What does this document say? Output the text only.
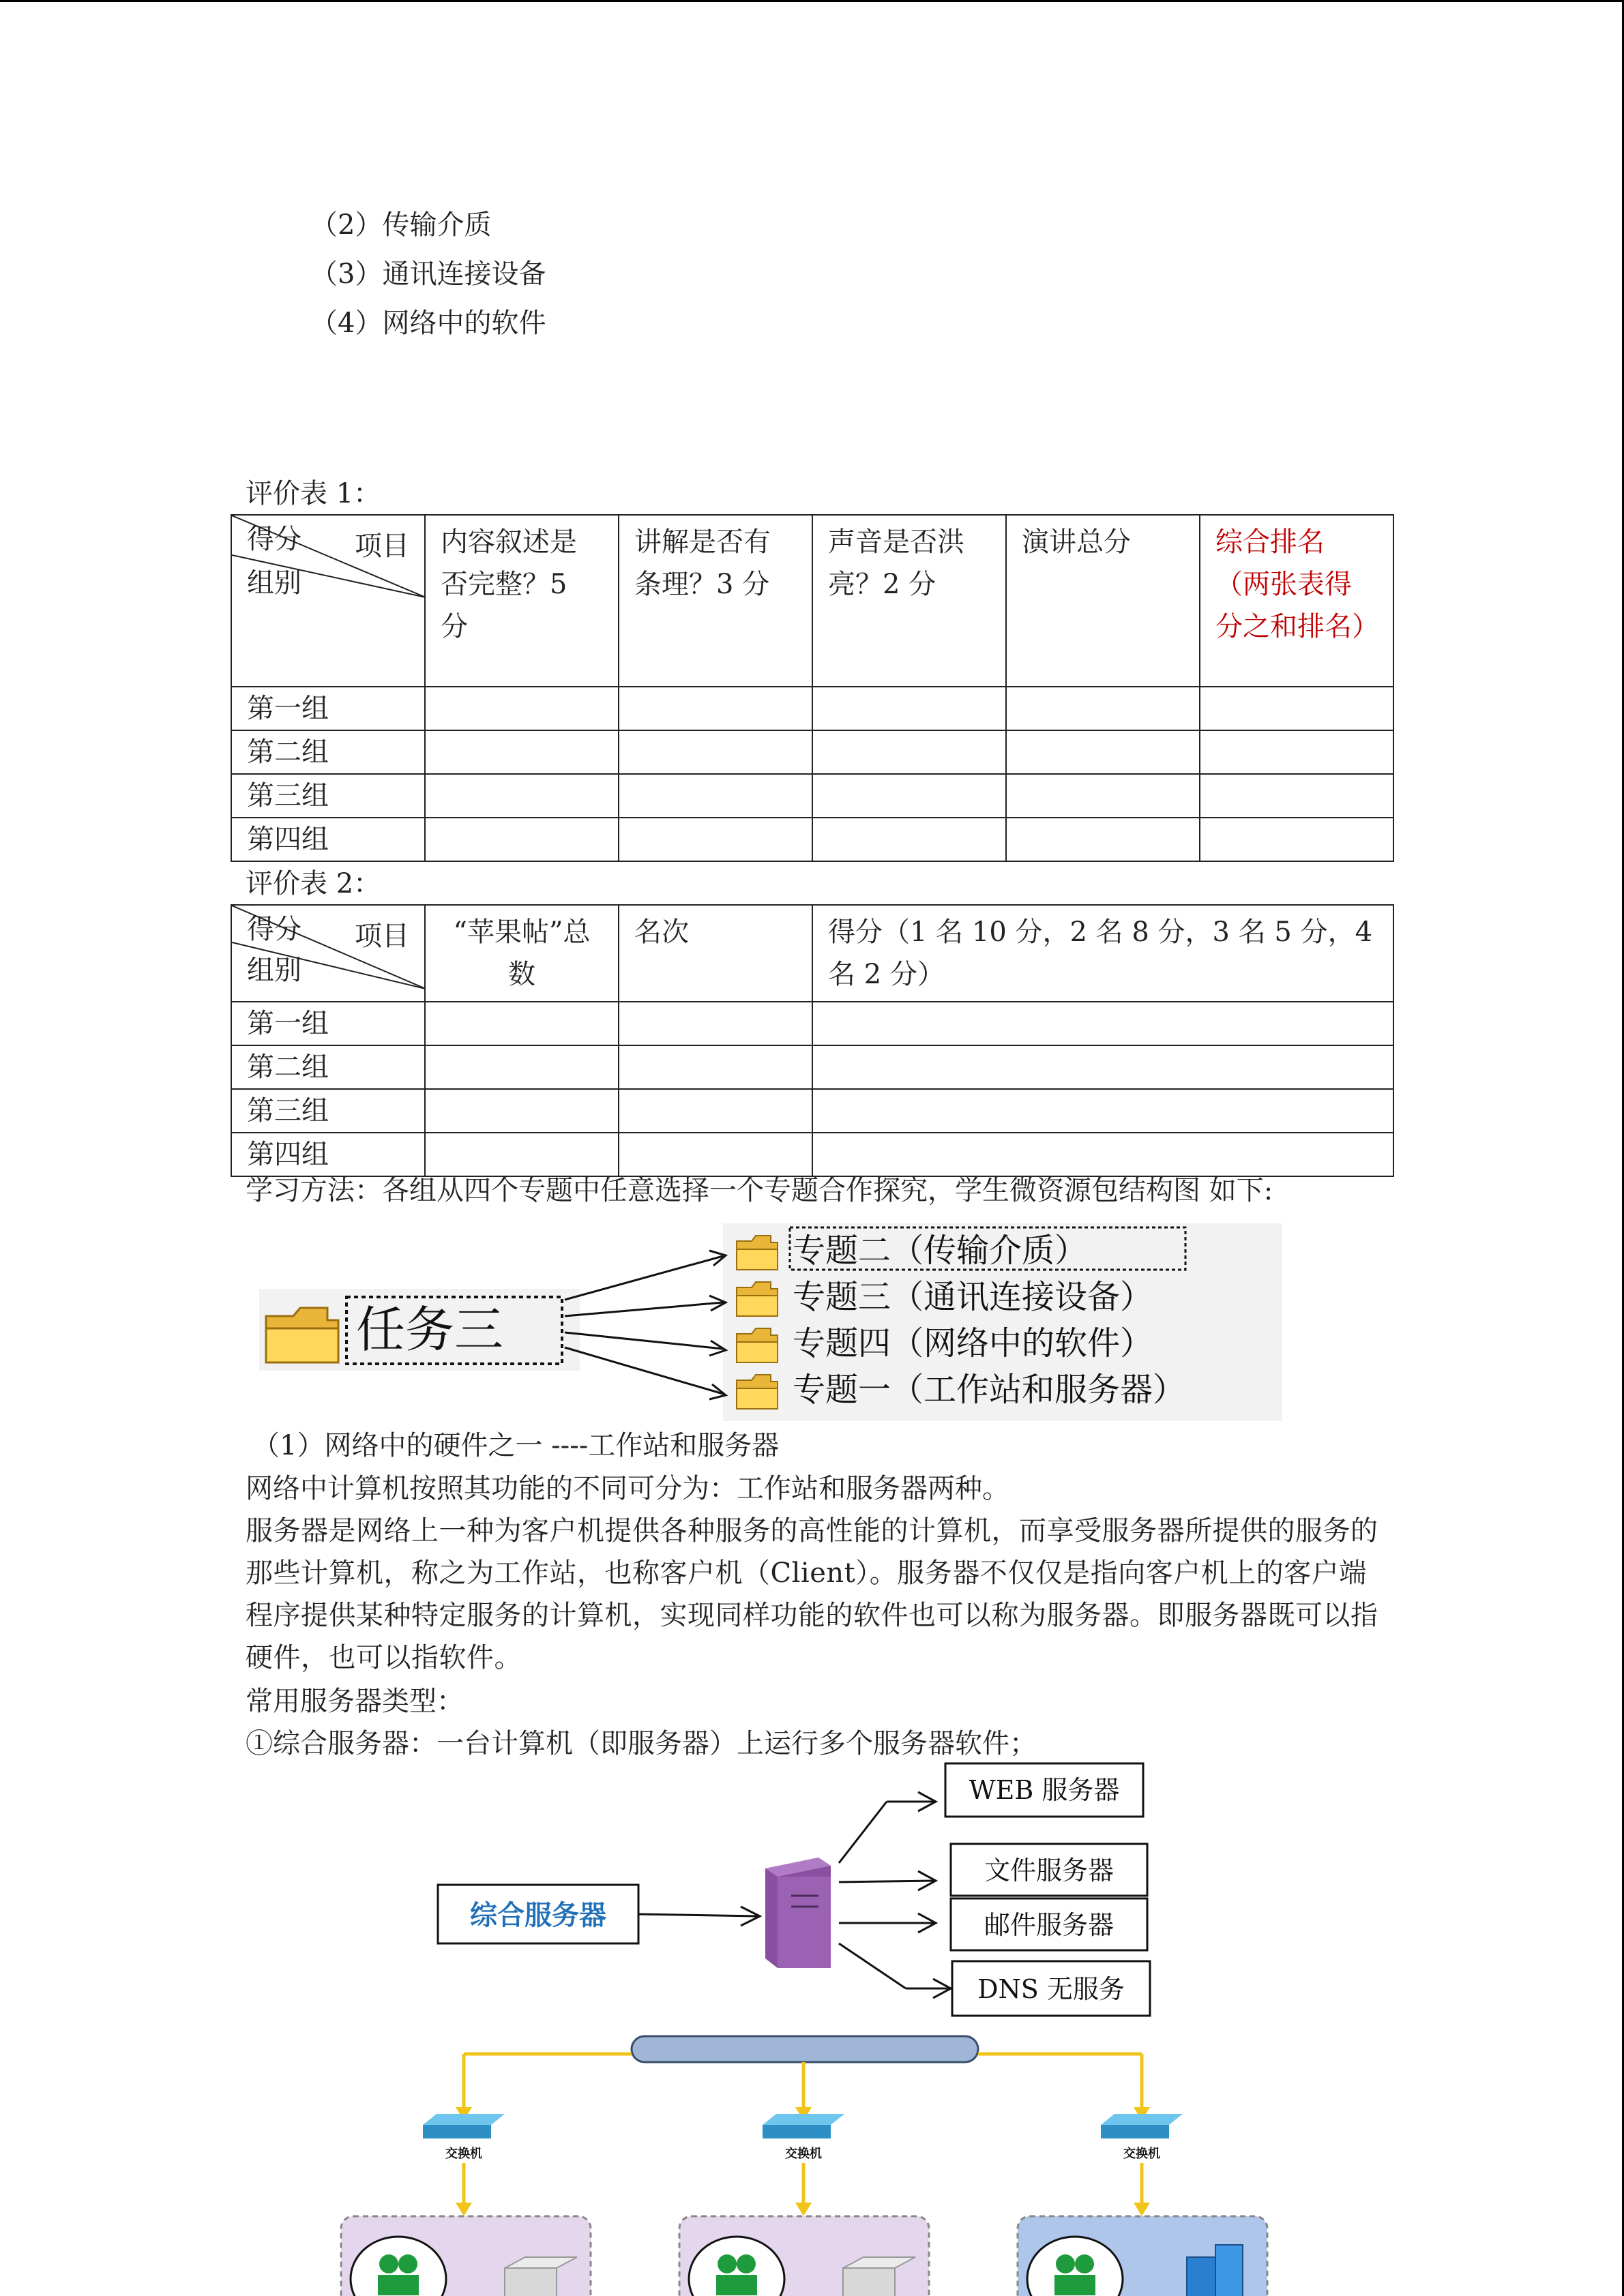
（2）传输介质
（3）通讯连接设备
（4）网络中的软件
评价表 1：
得分 项目
组别	内容叙述是否完整？5 分	讲解是否有条理？3 分	声音是否洪亮？2 分	演讲总分	综合排名（两张表得分之和排名）
第一组					
第二组					
第三组					
第四组					
评价表 2：
得分 项目
组别	“苹果帖”总数	名次	得分（1 名 10 分，2 名 8 分，3 名 5 分，4 名 2 分）
第一组			
第二组			
第三组			
第四组			
学习方法：各组从四个专题中任意选择一个专题合作探究，学生微资源包结构图 如下:
任务三
专题二（传输介质）
专题三（通讯连接设备）
专题四（网络中的软件）
专题一（工作站和服务器）
（1）网络中的硬件之一 ----工作站和服务器
网络中计算机按照其功能的不同可分为：工作站和服务器两种。
服务器是网络上一种为客户机提供各种服务的高性能的计算机，而享受服务器所提供的服务的那些计算机，称之为工作站，也称客户机（Client）。服务器不仅仅是指向客户机上的客户端程序提供某种特定服务的计算机，实现同样功能的软件也可以称为服务器。即服务器既可以指硬件，也可以指软件。
常用服务器类型：
①综合服务器：一台计算机（即服务器）上运行多个服务器软件；
综合服务器
WEB 服务器
文件服务器
邮件服务器
DNS 无服务
交换机	交换机	交换机
